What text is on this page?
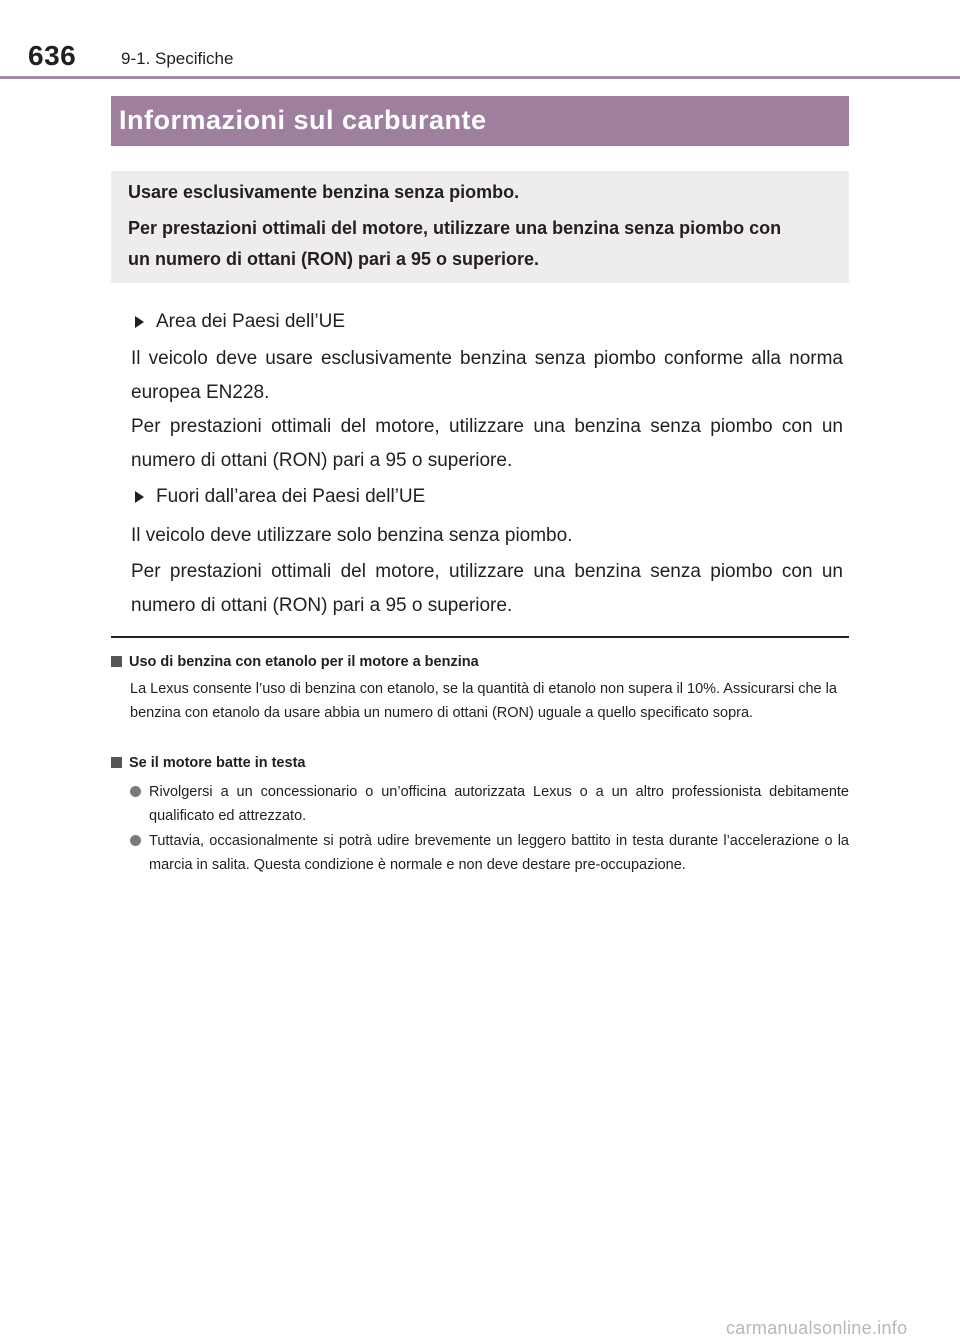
636	9-1. Specifiche
Informazioni sul carburante
Usare esclusivamente benzina senza piombo.
Per prestazioni ottimali del motore, utilizzare una benzina senza piombo con
un numero di ottani (RON) pari a 95 o superiore.
Area dei Paesi dell’UE
Il veicolo deve usare esclusivamente benzina senza piombo conforme alla norma europea EN228.
Per prestazioni ottimali del motore, utilizzare una benzina senza piombo con un numero di ottani (RON) pari a 95 o superiore.
Fuori dall’area dei Paesi dell’UE
Il veicolo deve utilizzare solo benzina senza piombo.
Per prestazioni ottimali del motore, utilizzare una benzina senza piombo con un numero di ottani (RON) pari a 95 o superiore.
Uso di benzina con etanolo per il motore a benzina
La Lexus consente l’uso di benzina con etanolo, se la quantità di etanolo non supera il 10%. Assicurarsi che la benzina con etanolo da usare abbia un numero di ottani (RON) uguale a quello specificato sopra.
Se il motore batte in testa
Rivolgersi a un concessionario o un’officina autorizzata Lexus o a un altro professionista debitamente qualificato ed attrezzato.
Tuttavia, occasionalmente si potrà udire brevemente un leggero battito in testa durante l’accelerazione o la marcia in salita. Questa condizione è normale e non deve destare pre-occupazione.
carmanualsonline.info
